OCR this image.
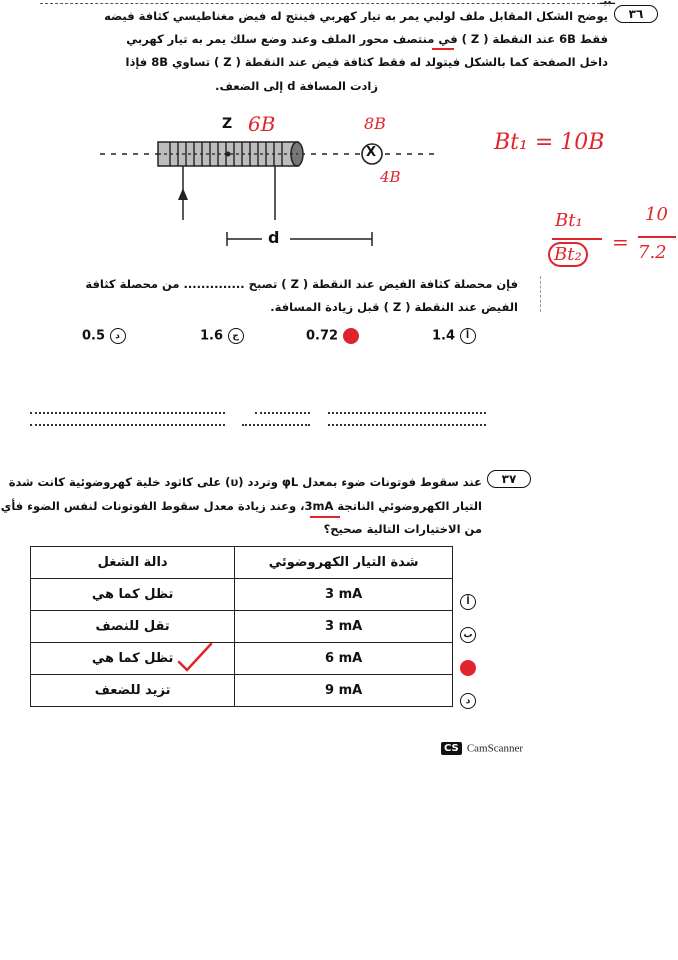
ـبيـ
٣٦
يوضح الشكل المقابل ملف لولبي يمر به تيار كهربي فينتج له فيض مغناطيسي كثافة فيضه
فقط 6B عند النقطة ( Z ) في منتصف محور الملف وعند وضع سلك يمر به تيار كهربي
داخل الصفحة كما بالشكل فيتولد له فقط كثافة فيض عند النقطة ( Z ) تساوي 8B فإذا
زادت المسافة d إلى الضعف.
Z
X
d
6B	8B
4B
Bt₁ = 10B
Bt₁
Bt₂
=
10
7.2
فإن محصلة كثافة الفيض عند النقطة ( Z ) تصبح .............. من محصلة كثافة
الفيض عند النقطة ( Z ) قبل زيادة المسافة.
0.5 د	1.6 ج	0.72 ب	1.4 أ
٣٧
عند سقوط فوتونات ضوء بمعدل φL وتردد (υ) على كاثود خلية كهروضوئية كانت شدة
التيار الكهروضوئي الناتجة 3mA، وعند زيادة معدل سقوط الفوتونات لنفس الضوء فأي
من الاختيارات التالية صحيح؟
دالة الشغل	شدة التيار الكهروضوئي
تظل كما هي	3 mA
تقل للنصف	3 mA
تظل كما هي	6 mA
تزيد للضعف	9 mA
أ
ب
ج
د
CS CamScanner
